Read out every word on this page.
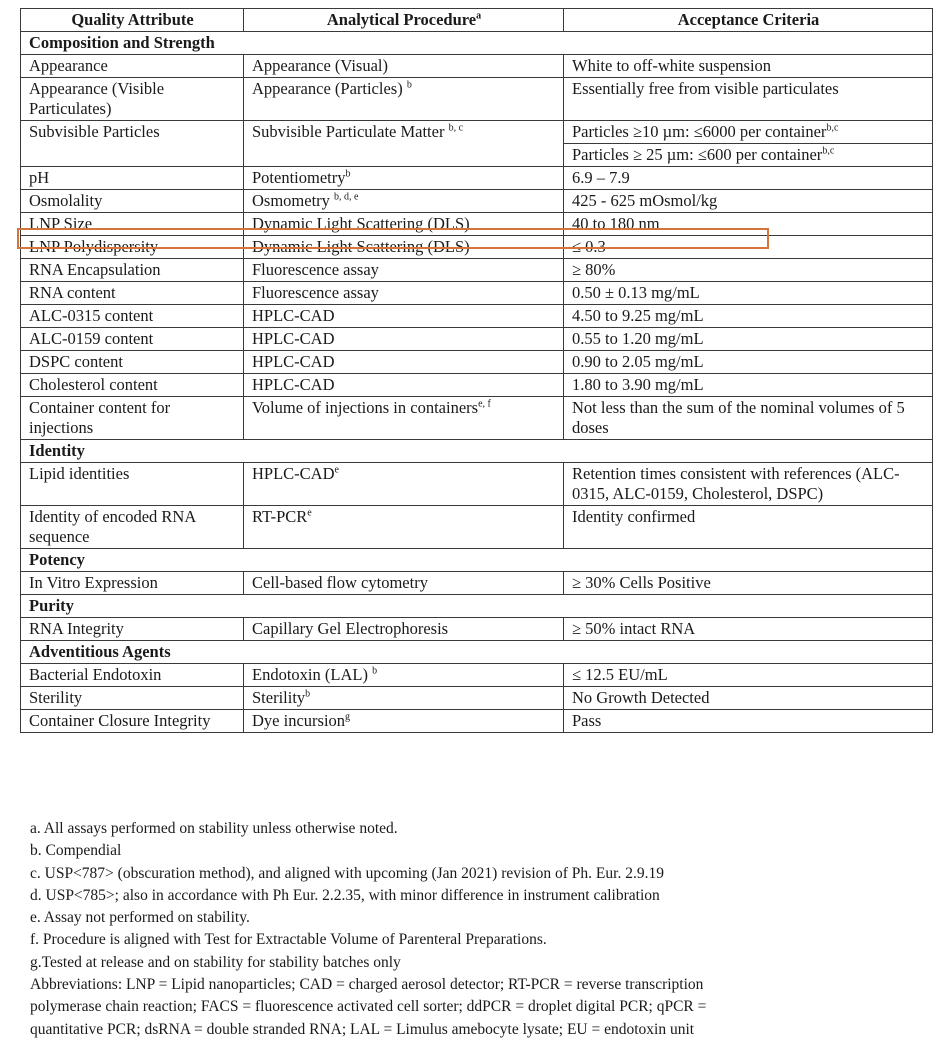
Quality Attribute	Analytical Procedure$^a$	Acceptance Criteria
Composition and Strength		
Appearance	Appearance (Visual)	White to off-white suspension
Appearance (Visible Particulates)	Appearance (Particles) $^b$	Essentially free from visible particulates
Subvisible Particles	Subvisible Particulate Matter $^{b, c}$	Particles ≥10 µm: ≤6000 per container$^{b,c}$
		Particles ≥ 25 µm: ≤600 per container$^{b,c}$
pH	Potentiometry$^b$	6.9 – 7.9
Osmolality	Osmometry $^{b, d, e}$	425 - 625 mOsmol/kg
LNP Size	Dynamic Light Scattering (DLS)	40 to 180 nm
LNP Polydispersity	Dynamic Light Scattering (DLS)	≤ 0.3
RNA Encapsulation	Fluorescence assay	≥ 80%
RNA content	Fluorescence assay	0.50 ± 0.13 mg/mL
ALC-0315 content	HPLC-CAD	4.50 to 9.25 mg/mL
ALC-0159 content	HPLC-CAD	0.55 to 1.20 mg/mL
DSPC content	HPLC-CAD	0.90 to 2.05 mg/mL
Cholesterol content	HPLC-CAD	1.80 to 3.90 mg/mL
Container content for injections	Volume of injections in containers$^{e, f}$	Not less than the sum of the nominal volumes of 5 doses
Identity		
Lipid identities	HPLC-CAD$^e$	Retention times consistent with references (ALC-0315, ALC-0159, Cholesterol, DSPC)
Identity of encoded RNA sequence	RT-PCR$^e$	Identity confirmed
Potency		
In Vitro Expression	Cell-based flow cytometry	≥ 30% Cells Positive
Purity		
RNA Integrity	Capillary Gel Electrophoresis	≥ 50% intact RNA
Adventitious Agents		
Bacterial Endotoxin	Endotoxin (LAL) $^b$	≤ 12.5 EU/mL
Sterility	Sterility$^b$	No Growth Detected
Container Closure Integrity	Dye incursion$^g$	Pass

a. All assays performed on stability unless otherwise noted.

b. Compendial

c. USP<787> (obscuration method), and aligned with upcoming (Jan 2021) revision of Ph. Eur. 2.9.19

d. USP<785>; also in accordance with Ph Eur. 2.2.35, with minor difference in instrument calibration

e. Assay not performed on stability.

f. Procedure is aligned with Test for Extractable Volume of Parenteral Preparations.

g.Tested at release and on stability for stability batches only

Abbreviations: LNP = Lipid nanoparticles; CAD = charged aerosol detector; RT-PCR = reverse transcription
polymerase chain reaction; FACS = fluorescence activated cell sorter; ddPCR = droplet digital PCR; qPCR =
quantitative PCR; dsRNA = double stranded RNA; LAL = Limulus amebocyte lysate; EU = endotoxin unit
